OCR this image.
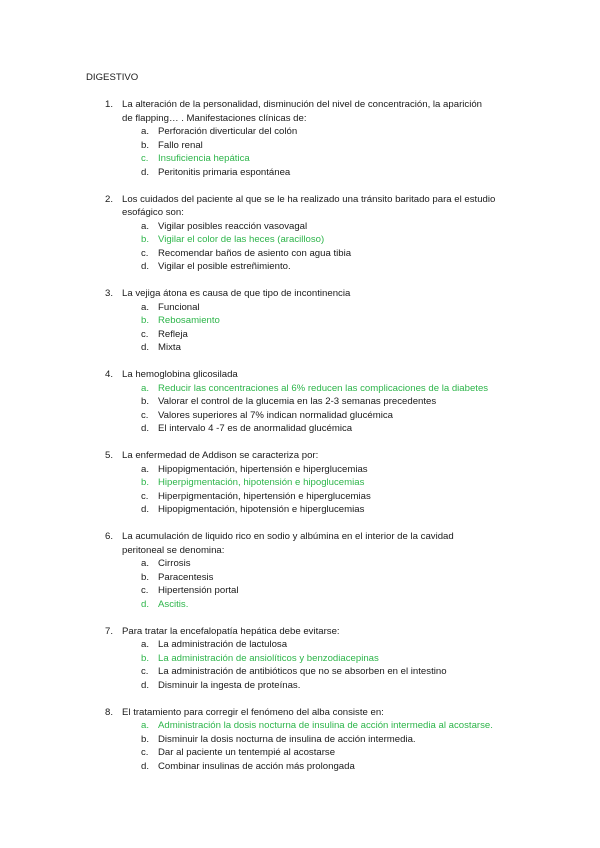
DIGESTIVO
1. La alteración de la personalidad, disminución del nivel de concentración, la aparición
de flapping… . Manifestaciones clínicas de:
a. Perforación diverticular del colón
b. Fallo renal
c. Insuficiencia hepática
d. Peritonitis primaria espontánea
2. Los cuidados del paciente al que se le ha realizado una tránsito baritado para el estudio
esofágico son:
a. Vigilar posibles reacción vasovagal
b. Vigilar el color de las heces (aracilloso)
c. Recomendar baños de asiento con agua tibia
d. Vigilar el posible estreñimiento.
3. La vejiga átona es causa de que tipo de incontinencia
a. Funcional
b. Rebosamiento
c. Refleja
d. Mixta
4. La hemoglobina glicosilada
a. Reducir las concentraciones al 6% reducen las complicaciones de la diabetes
b. Valorar el control de la glucemia en las 2-3 semanas precedentes
c. Valores superiores al 7% indican normalidad glucémica
d. El intervalo 4 -7 es de anormalidad glucémica
5. La enfermedad de Addison se caracteriza por:
a. Hipopigmentación, hipertensión e hiperglucemias
b. Hiperpigmentación, hipotensión e hipoglucemias
c. Hiperpigmentación, hipertensión e hiperglucemias
d. Hipopigmentación, hipotensión e hiperglucemias
6. La acumulación de liquido rico en sodio y albúmina en el interior de la cavidad
peritoneal se denomina:
a. Cirrosis
b. Paracentesis
c. Hipertensión portal
d. Ascitis.
7. Para tratar la encefalopatía hepática debe evitarse:
a. La administración de lactulosa
b. La administración de ansiolíticos y benzodiacepinas
c. La administración de antibióticos que no se absorben en el intestino
d. Disminuir la ingesta de proteínas.
8. El tratamiento para corregir el fenómeno del alba consiste en:
a. Administración la dosis nocturna de insulina de acción intermedia al acostarse.
b. Disminuir la dosis nocturna de insulina de acción intermedia.
c. Dar al paciente un tentempié al acostarse
d. Combinar insulinas de acción más prolongada
